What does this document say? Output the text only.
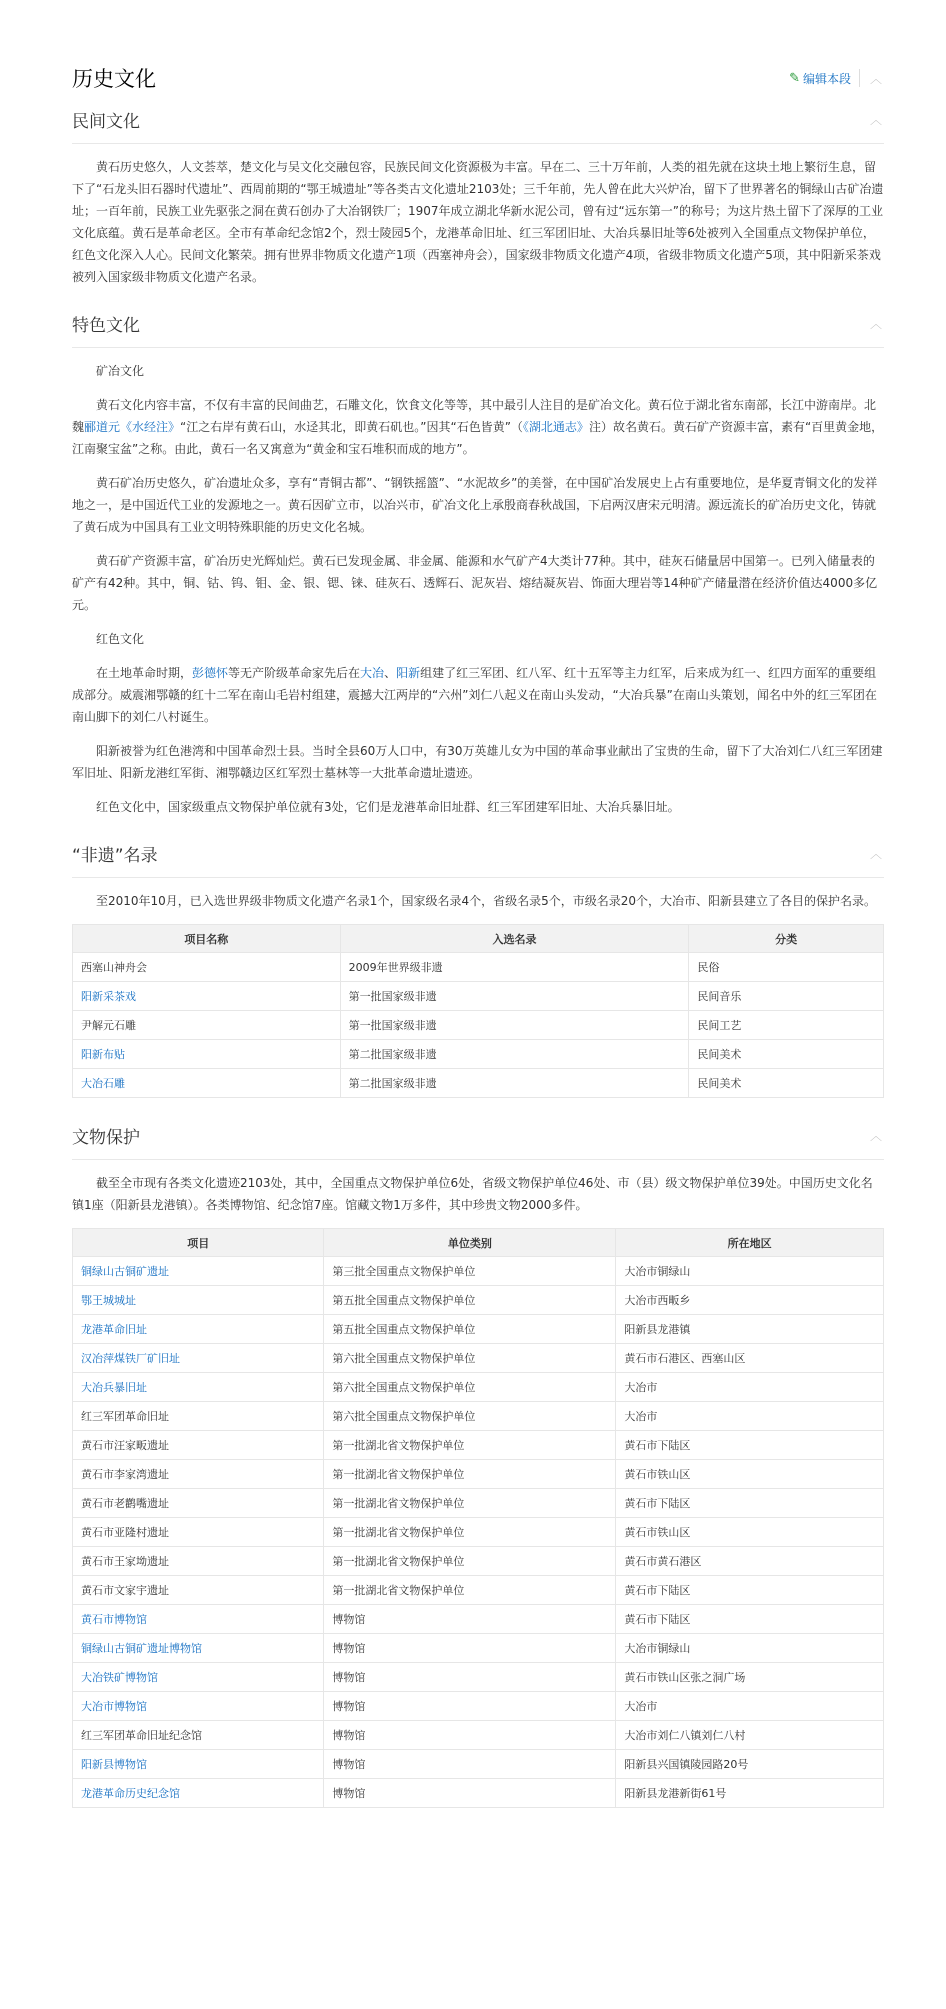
历史文化	✎ 编辑本段 ︿
民间文化	︿

黄石历史悠久，人文荟萃，楚文化与吴文化交融包容，民族民间文化资源极为丰富。早在二、三十万年前，人类的祖先就在这块土地上繁衍生息，留下了“石龙头旧石器时代遗址”、西周前期的“鄂王城遗址”等各类古文化遗址2103处；三千年前，先人曾在此大兴炉冶，留下了世界著名的铜绿山古矿冶遗址；一百年前，民族工业先驱张之洞在黄石创办了大冶钢铁厂；1907年成立湖北华新水泥公司，曾有过“远东第一”的称号；为这片热土留下了深厚的工业文化底蕴。黄石是革命老区。全市有革命纪念馆2个，烈士陵园5个，龙港革命旧址、红三军团旧址、大冶兵暴旧址等6处被列入全国重点文物保护单位，红色文化深入人心。民间文化繁荣。拥有世界非物质文化遗产1项（西塞神舟会），国家级非物质文化遗产4项，省级非物质文化遗产5项，其中阳新采茶戏被列入国家级非物质文化遗产名录。

特色文化	︿

矿冶文化

黄石文化内容丰富，不仅有丰富的民间曲艺，石雕文化，饮食文化等等，其中最引人注目的是矿冶文化。黄石位于湖北省东南部，长江中游南岸。北魏郦道元《水经注》“江之右岸有黄石山，水迳其北，即黄石矶也。”因其“石色皆黄”（《湖北通志》注）故名黄石。黄石矿产资源丰富，素有“百里黄金地，江南聚宝盆”之称。由此，黄石一名又寓意为“黄金和宝石堆积而成的地方”。

黄石矿冶历史悠久，矿冶遗址众多，享有“青铜古都”、“钢铁摇篮”、“水泥故乡”的美誉，在中国矿冶发展史上占有重要地位，是华夏青铜文化的发祥地之一，是中国近代工业的发源地之一。黄石因矿立市，以冶兴市，矿冶文化上承殷商春秋战国，下启两汉唐宋元明清。源远流长的矿冶历史文化，铸就了黄石成为中国具有工业文明特殊职能的历史文化名城。

黄石矿产资源丰富，矿冶历史光辉灿烂。黄石已发现金属、非金属、能源和水气矿产4大类计77种。其中，硅灰石储量居中国第一。已列入储量表的矿产有42种。其中，铜、钴、钨、钼、金、银、锶、铼、硅灰石、透辉石、泥灰岩、熔结凝灰岩、饰面大理岩等14种矿产储量潜在经济价值达4000多亿元。

红色文化

在土地革命时期，彭德怀等无产阶级革命家先后在大冶、阳新组建了红三军团、红八军、红十五军等主力红军，后来成为红一、红四方面军的重要组成部分。威震湘鄂赣的红十二军在南山毛岩村组建，震撼大江两岸的“六州”刘仁八起义在南山头发动，“大冶兵暴”在南山头策划，闻名中外的红三军团在南山脚下的刘仁八村诞生。

阳新被誉为红色港湾和中国革命烈士县。当时全县60万人口中，有30万英雄儿女为中国的革命事业献出了宝贵的生命，留下了大冶刘仁八红三军团建军旧址、阳新龙港红军街、湘鄂赣边区红军烈士墓林等一大批革命遗址遗迹。

红色文化中，国家级重点文物保护单位就有3处，它们是龙港革命旧址群、红三军团建军旧址、大冶兵暴旧址。

“非遗”名录	︿

至2010年10月，已入选世界级非物质文化遗产名录1个，国家级名录4个，省级名录5个，市级名录20个，大冶市、阳新县建立了各目的保护名录。

项目名称	入选名录	分类
西塞山神舟会	2009年世界级非遗	民俗
阳新采茶戏	第一批国家级非遗	民间音乐
尹解元石雕	第一批国家级非遗	民间工艺
阳新布贴	第二批国家级非遗	民间美术
大冶石雕	第二批国家级非遗	民间美术
文物保护	︿

截至全市现有各类文化遗迹2103处，其中，全国重点文物保护单位6处，省级文物保护单位46处、市（县）级文物保护单位39处。中国历史文化名镇1座（阳新县龙港镇）。各类博物馆、纪念馆7座。馆藏文物1万多件，其中珍贵文物2000多件。

项目	单位类别	所在地区
铜绿山古铜矿遗址	第三批全国重点文物保护单位	大冶市铜绿山
鄂王城城址	第五批全国重点文物保护单位	大冶市西畈乡
龙港革命旧址	第五批全国重点文物保护单位	阳新县龙港镇
汉冶萍煤铁厂矿旧址	第六批全国重点文物保护单位	黄石市石港区、西塞山区
大冶兵暴旧址	第六批全国重点文物保护单位	大冶市
红三军团革命旧址	第六批全国重点文物保护单位	大冶市
黄石市汪家畈遗址	第一批湖北省文物保护单位	黄石市下陆区
黄石市李家湾遗址	第一批湖北省文物保护单位	黄石市铁山区
黄石市老鹳嘴遗址	第一批湖北省文物保护单位	黄石市下陆区
黄石市亚隆村遗址	第一批湖北省文物保护单位	黄石市铁山区
黄石市王家坳遗址	第一批湖北省文物保护单位	黄石市黄石港区
黄石市文家宇遗址	第一批湖北省文物保护单位	黄石市下陆区
黄石市博物馆	博物馆	黄石市下陆区
铜绿山古铜矿遗址博物馆	博物馆	大冶市铜绿山
大冶铁矿博物馆	博物馆	黄石市铁山区张之洞广场
大冶市博物馆	博物馆	大冶市
红三军团革命旧址纪念馆	博物馆	大冶市刘仁八镇刘仁八村
阳新县博物馆	博物馆	阳新县兴国镇陵园路20号
龙港革命历史纪念馆	博物馆	阳新县龙港新街61号
